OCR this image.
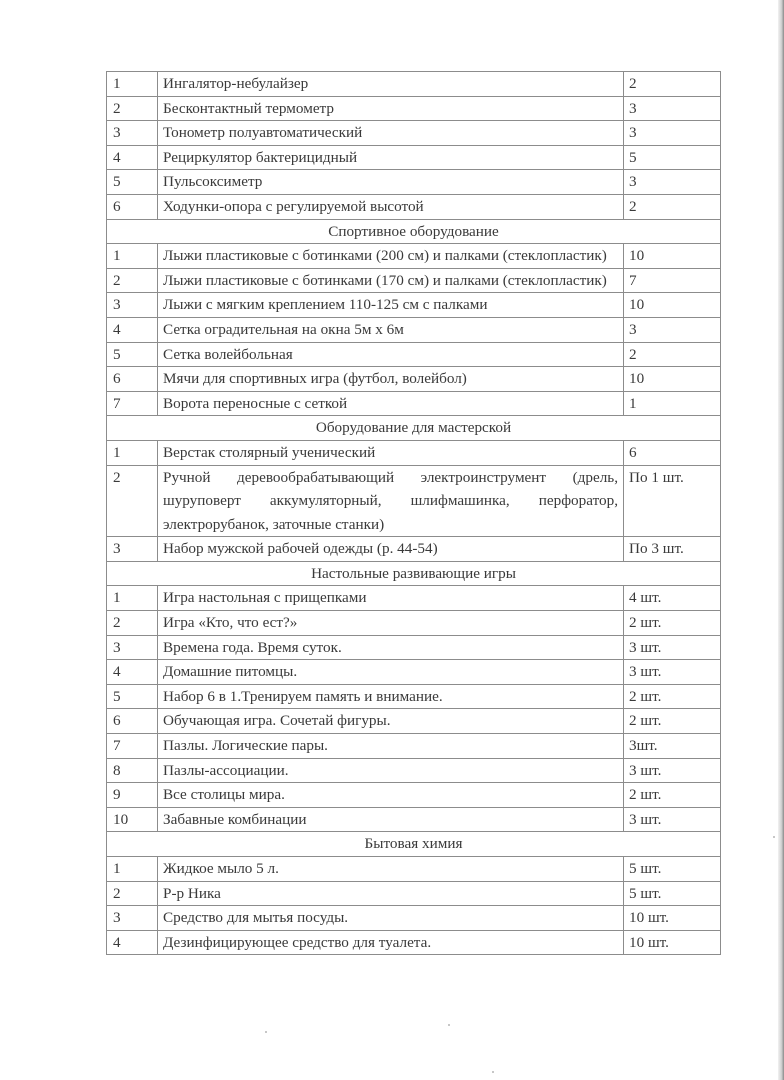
1	Ингалятор-небулайзер	2
2	Бесконтактный термометр	3
3	Тонометр полуавтоматический	3
4	Рециркулятор бактерицидный	5
5	Пульсоксиметр	3
6	Ходунки-опора с регулируемой высотой	2
Спортивное оборудование		
1	Лыжи пластиковые с ботинками (200 см) и палками (стеклопластик)	10
2	Лыжи пластиковые с ботинками (170 см) и палками (стеклопластик)	7
3	Лыжи с мягким креплением 110-125 см с палками	10
4	Сетка оградительная на окна 5м х 6м	3
5	Сетка волейбольная	2
6	Мячи для спортивных игра (футбол, волейбол)	10
7	Ворота переносные с сеткой	1
Оборудование для мастерской		
1	Верстак столярный ученический	6
2	Ручной деревообрабатывающий электроинструмент (дрель, шуруповерт аккумуляторный, шлифмашинка, перфоратор, электрорубанок, заточные станки)	По 1 шт.
3	Набор мужской рабочей одежды (р. 44-54)	По 3 шт.
Настольные развивающие игры		
1	Игра настольная с прищепками	4 шт.
2	Игра «Кто, что ест?»	2 шт.
3	Времена года. Время суток.	3 шт.
4	Домашние питомцы.	3 шт.
5	Набор 6 в 1.Тренируем память и внимание.	2 шт.
6	Обучающая игра. Сочетай фигуры.	2 шт.
7	Пазлы. Логические пары.	3шт.
8	Пазлы-ассоциации.	3 шт.
9	Все столицы мира.	2 шт.
10	Забавные комбинации	3 шт.
Бытовая химия		
1	Жидкое мыло 5 л.	5 шт.
2	Р-р Ника	5 шт.
3	Средство для мытья посуды.	10 шт.
4	Дезинфицирующее средство для туалета.	10 шт.
